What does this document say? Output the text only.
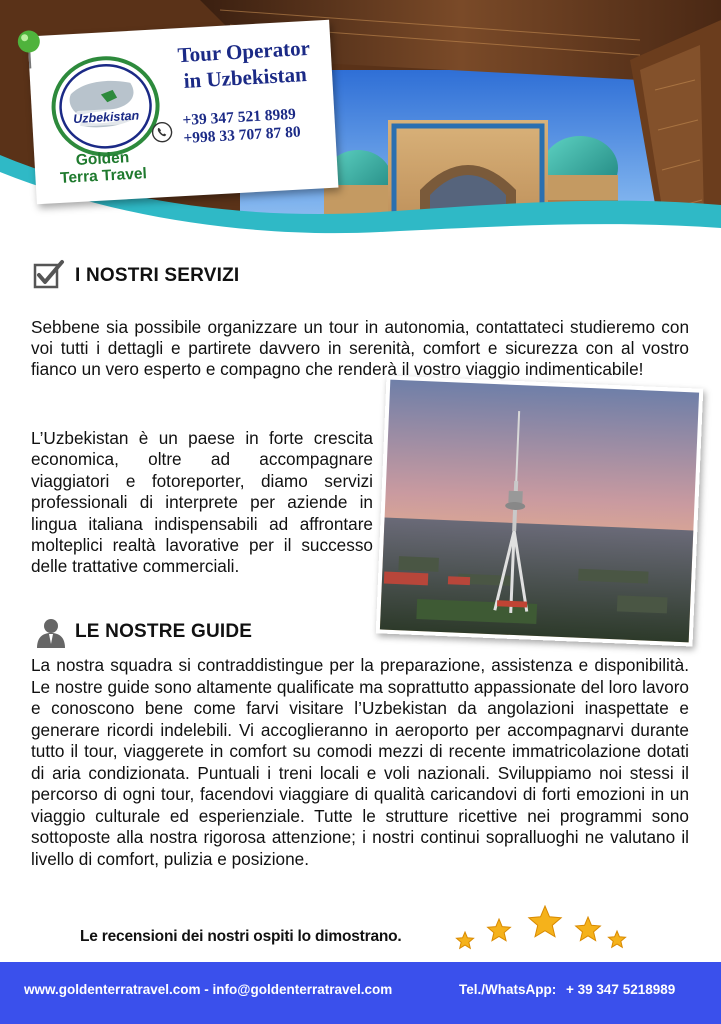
Uzbekistan
Golden
Terra Travel
Tour Operator in Uzbekistan
+39 347 521 8989
+998 33 707 87 80
I NOSTRI SERVIZI

Sebbene sia possibile organizzare un tour in autonomia, contattateci studieremo con voi tutti i dettagli e partirete davvero in serenità, comfort e sicurezza con al vostro fianco un vero esperto e compagno che renderà il vostro viaggio indimenticabile!

L’Uzbekistan è un paese in forte crescita economica, oltre ad accompagnare viaggiatori e fotoreporter, diamo servizi professionali di interprete per aziende in lingua italiana indispensabili ad affrontare molteplici realtà lavorative per il successo delle trattative commerciali.

LE NOSTRE GUIDE

La nostra squadra si contraddistingue per la preparazione, assistenza e disponibilità. Le nostre guide sono altamente qualificate ma soprattutto appassionate del loro lavoro e conoscono bene come farvi visitare l’Uzbekistan da angolazioni inaspettate e generare ricordi indelebili. Vi accoglieranno in aeroporto per accompagnarvi durante tutto il tour, viaggerete in comfort su comodi mezzi di recente immatricolazione dotati di aria condizionata. Puntuali i treni locali e voli nazionali. Sviluppiamo noi stessi il percorso di ogni tour, facendovi viaggiare di qualità caricandovi di forti emozioni in un viaggio culturale ed esperienziale. Tutte le strutture ricettive nei programmi sono sottoposte alla nostra rigorosa attenzione; i nostri continui sopralluoghi ne valutano il livello di comfort, pulizia e posizione.

Le recensioni dei nostri ospiti lo dimostrano.
www.goldenterratravel.com - info@goldenterratravel.com	Tel./WhatsApp: + 39 347 5218989
